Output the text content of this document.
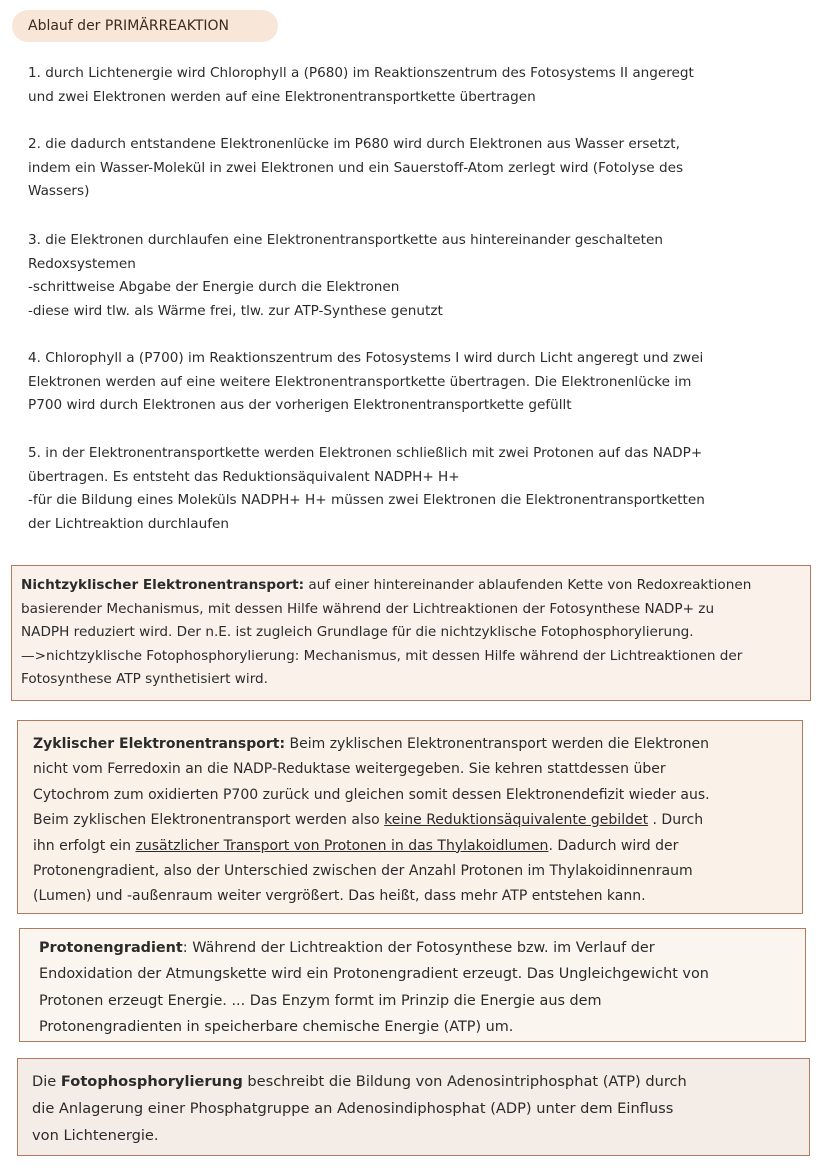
Ablauf der PRIMÄRREAKTION

1. durch Lichtenergie wird Chlorophyll a (P680) im Reaktionszentrum des Fotosystems II angeregt
und zwei Elektronen werden auf eine Elektronentransportkette übertragen

2. die dadurch entstandene Elektronenlücke im P680 wird durch Elektronen aus Wasser ersetzt,
indem ein Wasser-Molekül in zwei Elektronen und ein Sauerstoff-Atom zerlegt wird (Fotolyse des
Wassers)

3. die Elektronen durchlaufen eine Elektronentransportkette aus hintereinander geschalteten
Redoxsystemen
-schrittweise Abgabe der Energie durch die Elektronen
-diese wird tlw. als Wärme frei, tlw. zur ATP-Synthese genutzt

4. Chlorophyll a (P700) im Reaktionszentrum des Fotosystems I wird durch Licht angeregt und zwei
Elektronen werden auf eine weitere Elektronentransportkette übertragen. Die Elektronenlücke im
P700 wird durch Elektronen aus der vorherigen Elektronentransportkette gefüllt

5. in der Elektronentransportkette werden Elektronen schließlich mit zwei Protonen auf das NADP+
übertragen. Es entsteht das Reduktionsäquivalent NADPH+ H+
-für die Bildung eines Moleküls NADPH+ H+ müssen zwei Elektronen die Elektronentransportketten
der Lichtreaktion durchlaufen

Nichtzyklischer Elektronentransport: auf einer hintereinander ablaufenden Kette von Redoxreaktionen
basierender Mechanismus, mit dessen Hilfe während der Lichtreaktionen der Fotosynthese NADP+ zu
NADPH reduziert wird. Der n.E. ist zugleich Grundlage für die nichtzyklische Fotophosphorylierung.
—>nichtzyklische Fotophosphorylierung: Mechanismus, mit dessen Hilfe während der Lichtreaktionen der
Fotosynthese ATP synthetisiert wird.

Zyklischer Elektronentransport: Beim zyklischen Elektronentransport werden die Elektronen
nicht vom Ferredoxin an die NADP-Reduktase weitergegeben. Sie kehren stattdessen über
Cytochrom zum oxidierten P700 zurück und gleichen somit dessen Elektronendefizit wieder aus.
Beim zyklischen Elektronentransport werden also keine Reduktionsäquivalente gebildet . Durch
ihn erfolgt ein zusätzlicher Transport von Protonen in das Thylakoidlumen. Dadurch wird der
Protonengradient, also der Unterschied zwischen der Anzahl Protonen im Thylakoidinnenraum
(Lumen) und -außenraum weiter vergrößert. Das heißt, dass mehr ATP entstehen kann.

Protonengradient: Während der Lichtreaktion der Fotosynthese bzw. im Verlauf der
Endoxidation der Atmungskette wird ein Protonengradient erzeugt. Das Ungleichgewicht von
Protonen erzeugt Energie. ... Das Enzym formt im Prinzip die Energie aus dem
Protonengradienten in speicherbare chemische Energie (ATP) um.

Die Fotophosphorylierung beschreibt die Bildung von Adenosintriphosphat (ATP) durch
die Anlagerung einer Phosphatgruppe an Adenosindiphosphat (ADP) unter dem Einfluss
von Lichtenergie.
